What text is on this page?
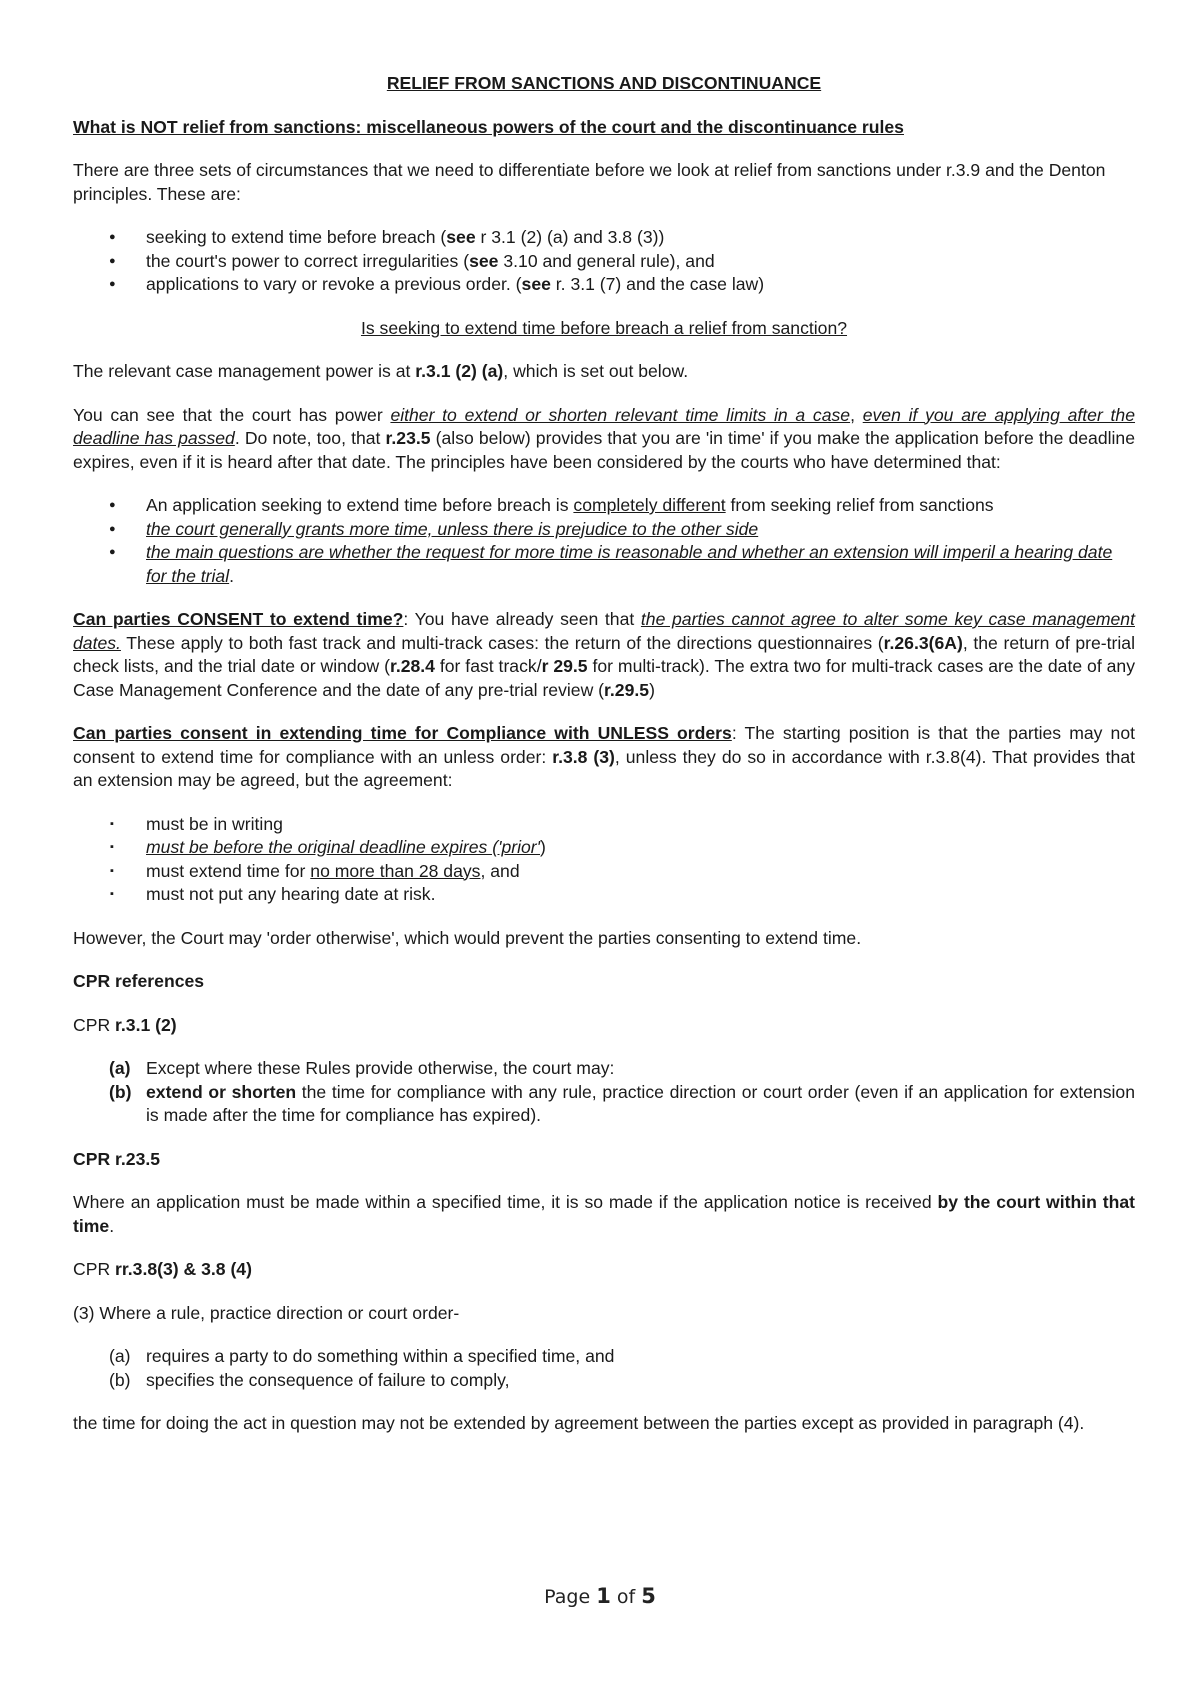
RELIEF FROM SANCTIONS AND DISCONTINUANCE

What is NOT relief from sanctions: miscellaneous powers of the court and the discontinuance rules

There are three sets of circumstances that we need to differentiate before we look at relief from sanctions under r.3.9 and the Denton principles. These are:

● seeking to extend time before breach (see r 3.1 (2) (a) and 3.8 (3))
● the court's power to correct irregularities (see 3.10 and general rule), and
● applications to vary or revoke a previous order. (see r. 3.1 (7) and the case law)

Is seeking to extend time before breach a relief from sanction?

The relevant case management power is at r.3.1 (2) (a), which is set out below.

You can see that the court has power either to extend or shorten relevant time limits in a case, even if you are applying after the deadline has passed. Do note, too, that r.23.5 (also below) provides that you are 'in time' if you make the application before the deadline expires, even if it is heard after that date. The principles have been considered by the courts who have determined that:

● An application seeking to extend time before breach is completely different from seeking relief from sanctions
● the court generally grants more time, unless there is prejudice to the other side
● the main questions are whether the request for more time is reasonable and whether an extension will imperil a hearing date for the trial.

Can parties CONSENT to extend time?: You have already seen that the parties cannot agree to alter some key case management dates. These apply to both fast track and multi-track cases: the return of the directions questionnaires (r.26.3(6A), the return of pre-trial check lists, and the trial date or window (r.28.4 for fast track/r 29.5 for multi-track). The extra two for multi-track cases are the date of any Case Management Conference and the date of any pre-trial review (r.29.5)

Can parties consent in extending time for Compliance with UNLESS orders: The starting position is that the parties may not consent to extend time for compliance with an unless order: r.3.8 (3), unless they do so in accordance with r.3.8(4). That provides that an extension may be agreed, but the agreement:

▪ must be in writing
▪ must be before the original deadline expires ('prior')
▪ must extend time for no more than 28 days, and
▪ must not put any hearing date at risk.

However, the Court may 'order otherwise', which would prevent the parties consenting to extend time.

CPR references

CPR r.3.1 (2)

(a) Except where these Rules provide otherwise, the court may:
(b) extend or shorten the time for compliance with any rule, practice direction or court order (even if an application for extension is made after the time for compliance has expired).

CPR r.23.5

Where an application must be made within a specified time, it is so made if the application notice is received by the court within that time.

CPR rr.3.8(3) & 3.8 (4)

(3) Where a rule, practice direction or court order-

(a) requires a party to do something within a specified time, and
(b) specifies the consequence of failure to comply,

the time for doing the act in question may not be extended by agreement between the parties except as provided in paragraph (4).

Page 1 of 5
